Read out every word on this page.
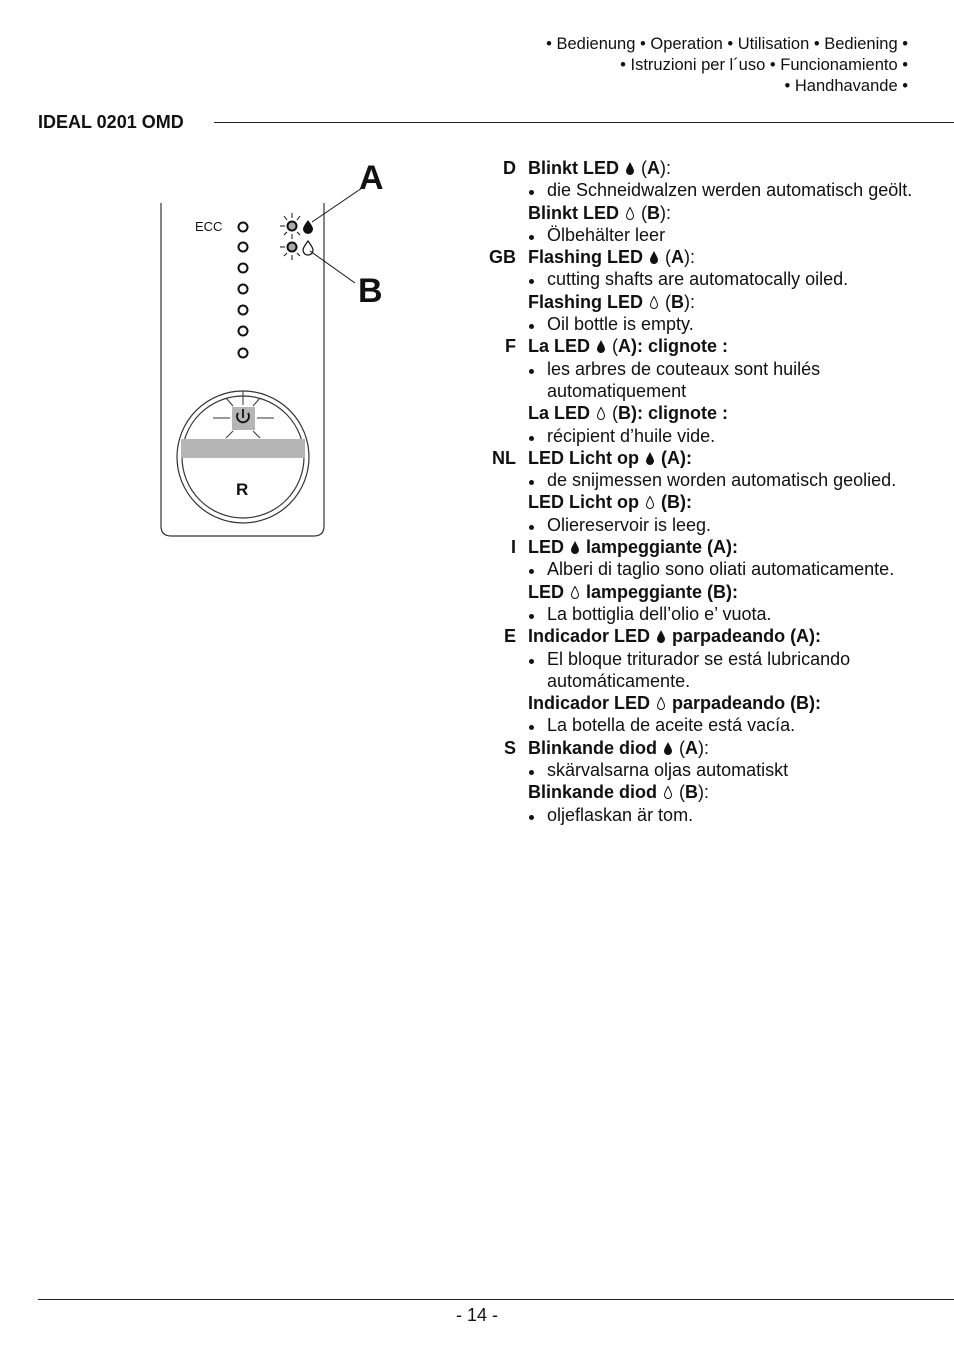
• Bedienung • Operation • Utilisation • Bediening •
• Istruzioni per l´uso • Funcionamiento •
• Handhavande •
IDEAL 0201 OMD
ECC
A
B
R
D Blinkt LED  (A):
die Schneidwalzen werden automatisch geölt.
Blinkt LED  (B):
Ölbehälter leer
GB Flashing LED  (A):
cutting shafts are automatocally oiled.
Flashing LED  (B):
Oil bottle is empty.
F La LED  (A): clignote :
les arbres de couteaux sont huilés automatiquement
La LED  (B): clignote :
récipient d’huile vide.
NL LED Licht op (A):
de snijmessen worden automatisch geolied.
LED Licht op (B):
Oliereservoir is leeg.
I LED lampeggiante (A):
Alberi di taglio sono oliati automaticamente.
LED lampeggiante (B):
La bottiglia dell’olio e’ vuota.
E Indicador LED parpadeando (A):
El bloque triturador se está lubricando automáticamente.
Indicador LED parpadeando (B):
La botella de aceite está vacía.
S Blinkande diod  (A):
skärvalsarna oljas automatiskt
Blinkande diod  (B):
oljeflaskan är tom.
- 14 -
